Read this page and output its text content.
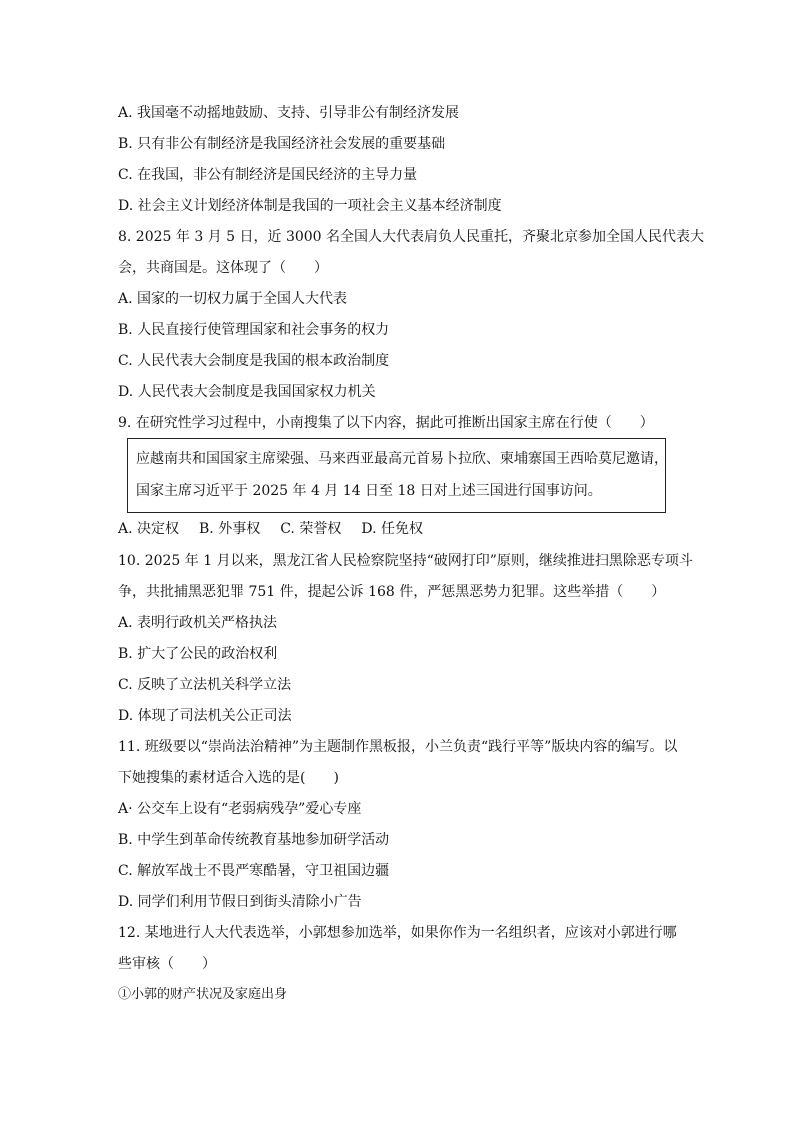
A. 我国毫不动摇地鼓励、支持、引导非公有制经济发展
B. 只有非公有制经济是我国经济社会发展的重要基础
C. 在我国，非公有制经济是国民经济的主导力量
D. 社会主义计划经济体制是我国的一项社会主义基本经济制度
8. 2025 年 3 月 5 日，近 3000 名全国人大代表肩负人民重托，齐聚北京参加全国人民代表大
会，共商国是。这体现了（　　）
A. 国家的一切权力属于全国人大代表
B. 人民直接行使管理国家和社会事务的权力
C. 人民代表大会制度是我国的根本政治制度
D. 人民代表大会制度是我国国家权力机关
9. 在研究性学习过程中，小南搜集了以下内容，据此可推断出国家主席在行使（　　）
应越南共和国国家主席梁强、马来西亚最高元首易卜拉欣、柬埔寨国王西哈莫尼邀请，
国家主席习近平于 2025 年 4 月 14 日至 18 日对上述三国进行国事访问。
A. 决定权 B. 外事权 C. 荣誉权 D. 任免权
10. 2025 年 1 月以来，黑龙江省人民检察院坚持“破网打印”原则，继续推进扫黑除恶专项斗
争，共批捕黑恶犯罪 751 件，提起公诉 168 件，严惩黑恶势力犯罪。这些举措（　　）
A. 表明行政机关严格执法
B. 扩大了公民的政治权利
C. 反映了立法机关科学立法
D. 体现了司法机关公正司法
11. 班级要以“崇尚法治精神”为主题制作黑板报，小兰负责“践行平等”版块内容的编写。以
下她搜集的素材适合入选的是(　　)
A· 公交车上设有“老弱病残孕”爱心专座
B. 中学生到革命传统教育基地参加研学活动
C. 解放军战士不畏严寒酷暑，守卫祖国边疆
D. 同学们利用节假日到街头清除小广告
12. 某地进行人大代表选举，小郭想参加选举，如果你作为一名组织者，应该对小郭进行哪
些审核（　　）
①小郭的财产状况及家庭出身
